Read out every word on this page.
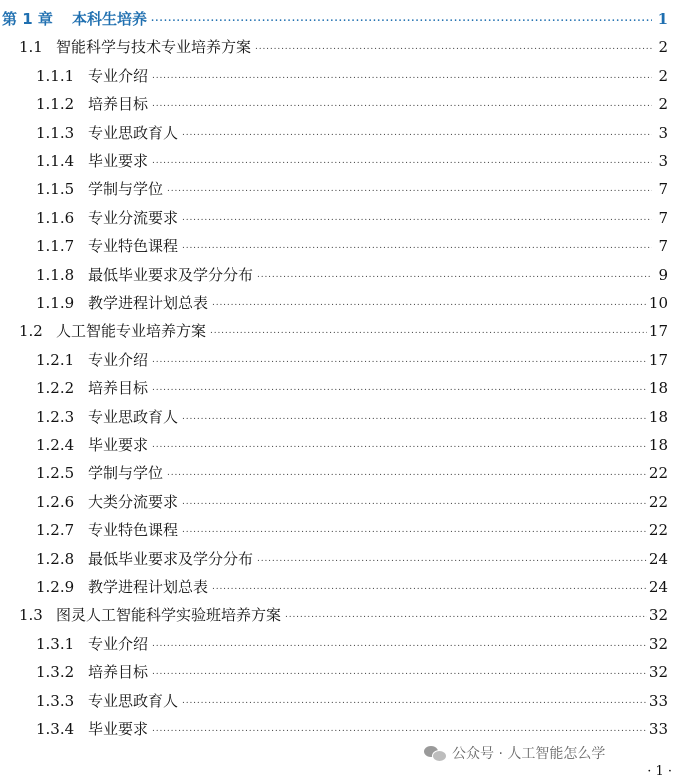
第 1 章	本科生培养 . . .	1
1.1 智能科学与技术专业培养方案 . . .	2
1.1.1 专业介绍 . . .	2
1.1.2 培养目标 . . .	2
1.1.3 专业思政育人 . . .	3
1.1.4 毕业要求 . . .	3
1.1.5 学制与学位 . . .	7
1.1.6 专业分流要求 . . .	7
1.1.7 专业特色课程 . . .	7
1.1.8 最低毕业要求及学分分布 . . .	9
1.1.9 教学进程计划总表 . . .	10
1.2 人工智能专业培养方案 . . .	17
1.2.1 专业介绍 . . .	17
1.2.2 培养目标 . . .	18
1.2.3 专业思政育人 . . .	18
1.2.4 毕业要求 . . .	18
1.2.5 学制与学位 . . .	22
1.2.6 大类分流要求 . . .	22
1.2.7 专业特色课程 . . .	22
1.2.8 最低毕业要求及学分分布 . . .	24
1.2.9 教学进程计划总表 . . .	24
1.3 图灵人工智能科学实验班培养方案 . . .	32
1.3.1 专业介绍 . . .	32
1.3.2 培养目标 . . .	32
1.3.3 专业思政育人 . . .	33
1.3.4 毕业要求 . . .	33
公众号 · 人工智能怎么学
· 1 ·
